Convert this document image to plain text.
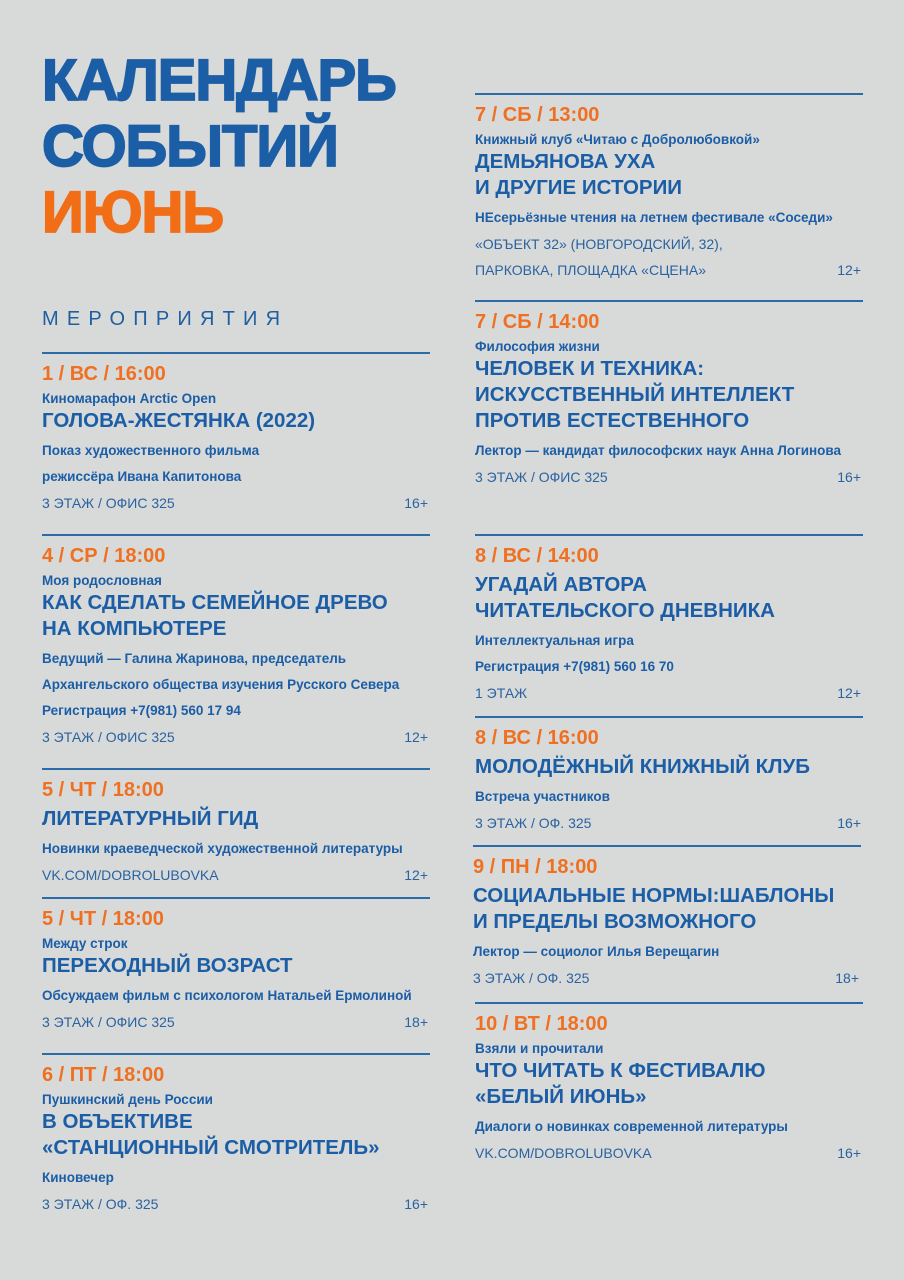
КАЛЕНДАРЬ
СОБЫТИЙ
ИЮНЬ
МЕРОПРИЯТИЯ
1 / ВС / 16:00
Киномарафон Arctic Open
ГОЛОВА-ЖЕСТЯНКА (2022)
Показ художественного фильма
режиссёра Ивана Капитонова
3 ЭТАЖ / ОФИС 325	16+
4 / СР / 18:00
Моя родословная
КАК СДЕЛАТЬ СЕМЕЙНОЕ ДРЕВО
НА КОМПЬЮТЕРЕ
Ведущий — Галина Жаринова, председатель
Архангельского общества изучения Русского Севера
Регистрация +7(981) 560 17 94
3 ЭТАЖ / ОФИС 325	12+
5 / ЧТ / 18:00
ЛИТЕРАТУРНЫЙ ГИД
Новинки краеведческой художественной литературы
VK.COM/DOBROLUBOVKA	12+
5 / ЧТ / 18:00
Между строк
ПЕРЕХОДНЫЙ ВОЗРАСТ
Обсуждаем фильм с психологом Натальей Ермолиной
3 ЭТАЖ / ОФИС 325	18+
6 / ПТ / 18:00
Пушкинский день России
В ОБЪЕКТИВЕ
«СТАНЦИОННЫЙ СМОТРИТЕЛЬ»
Киновечер
3 ЭТАЖ / ОФ. 325	16+
7 / СБ / 13:00
Книжный клуб «Читаю с Добролюбовкой»
ДЕМЬЯНОВА УХА
И ДРУГИЕ ИСТОРИИ
НЕсерьёзные чтения на летнем фестивале «Соседи»
«ОБЪЕКТ 32» (НОВГОРОДСКИЙ, 32),
ПАРКОВКА, ПЛОЩАДКА «СЦЕНА»	12+
7 / СБ / 14:00
Философия жизни
ЧЕЛОВЕК И ТЕХНИКА:
ИСКУССТВЕННЫЙ ИНТЕЛЛЕКТ
ПРОТИВ ЕСТЕСТВЕННОГО
Лектор — кандидат философских наук Анна Логинова
3 ЭТАЖ / ОФИС 325	16+
8 / ВС / 14:00
УГАДАЙ АВТОРА
ЧИТАТЕЛЬСКОГО ДНЕВНИКА
Интеллектуальная игра
Регистрация +7(981) 560 16 70
1 ЭТАЖ	12+
8 / ВС / 16:00
МОЛОДЁЖНЫЙ КНИЖНЫЙ КЛУБ
Встреча участников
3 ЭТАЖ / ОФ. 325	16+
9 / ПН / 18:00
СОЦИАЛЬНЫЕ НОРМЫ:ШАБЛОНЫ
И ПРЕДЕЛЫ ВОЗМОЖНОГО
Лектор — социолог Илья Верещагин
3 ЭТАЖ / ОФ. 325	18+
10 / ВТ / 18:00
Взяли и прочитали
ЧТО ЧИТАТЬ К ФЕСТИВАЛЮ
«БЕЛЫЙ ИЮНЬ»
Диалоги о новинках современной литературы
VK.COM/DOBROLUBOVKA	16+
